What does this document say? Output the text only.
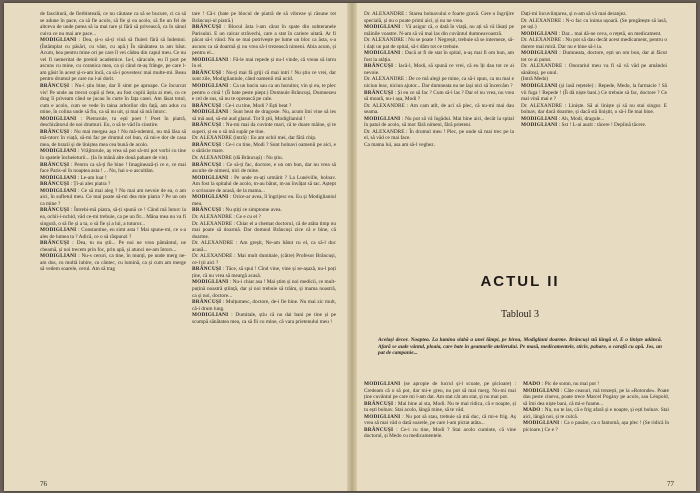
de fasciitură, de fierbinteală, ce nu căutase ca să se bucure, ci ca să se adune în pace, ca să fie acolo, să fie și ea acolo, să fie un fel de altceva de unde putea să ia mai tare și fără să privească, ca în sânul cuiva ce nu mai are pace...

MODIGLIANI : Dea, și-o să-ți vină să fluieri fără să îndemni. (Întâmplat cu păsări, cu vânt, cu apă.) În sănătatea ta am băut. Acum, bea pentru mine ori pe care îl vei cădea din capul meu. Ce nu vei fi nemeritat de premii academice. Ia-l, săracule, eu îl port pe ascuns cu mine, cu coranica mea, ca și când m-aș frânge, pe care l-am găsit în acest și-n-am încă, ca să-i povestesc mai multe-mi. Beau pentru drumul pe care nu l-ai dorit.

BRÂNCUȘI : Nu-i știu bine, dar îl simt pe aproape. Ce încurcat vis! Pe unde au trecut copii și fete, au fost copiii ăștia ai mei, cu ce drag îi priveam când se jucau în curte în fața casei. Am lăsat totul, cum e acolo, cum se vede în taina arborilor din față, am adus cu mine, în colina unde să fiu, ca să nu uit, și mai să mă întorc.

MODIGLIANI : Pietrarule, tu ești poet ! Poet în piatră, deschizătorul de noi drumuri. Eu, o să te văd în cinstire.

BRÂNCUȘI : Nu mai mergea așa ! Nu mă-ndemni, nu mă lăsa să mă-ntorc în viață, să-mi fac pe drumul cel bun, că mi-e dor de casa mea, de brazii și de liniștea mea cea bună de acolo.

MODIGLIANI : Vrăjitorule, aș vrea să pot să-mi pot vorbi cu tine în spatele încheieturii... (Ia în mână alte două pahare de vin).

BRÂNCUȘI : Pentru ca să-ți fie bine ! Imaginează-ți ce e, ce mai face Paris-ul în noaptea asta ! ... Nu, hai s-o ascultăm.

MODIGLIANI : Le-am luat !

BRÂNCUȘI : Ți-ai ales piatra ?

MODIGLIANI : Ce să mai aleg ? Nu mai am nevoie de ea, o am aici, în sufletul meu. Ce mai poate să-mi dea mie piatra ? Pe un om ca mine ?

BRÂNCUȘI : Întrebi-mă piatra, să-ți spună ce ! Când mă întorc la ea, ochii-i-nchid, văd ce-mi trebuie, ca pe un fir... Mâna mea nu va fi singură, o să fie și a ta, o să fie și a lui, a tuturor...

MODIGLIANI : Constantine, eu simt asta ! Mai spune-mi, ce s-a ales de lumea ta ? Adică, ce o să răspunzi ?

BRÂNCUȘI : Dea, tu nu știi... Pe noi ne vrea pământul, ne cheamă, și noi trecem prin foc, prin apă, și atunci ne-am întors...

MODIGLIANI : Nu-s ceruri, ca tine, în munți, pe unde merg ne-am dus, cu multă iubire, cu cântec, cu lumină, ca și cum am merge să vedem soarele, cerul. Am să trag

tare ! Că-i (bate pe blocul de piatră de să vibreze și răsune tot Brâncuși-ul piatră.)

BRÂNCUȘI : Blocul ăsta l-am cărat în spate din subteranele Parisului. E un calcar străvechi, care a stat în cariere uitată. Ar fi păcat să-l vând. Nu se mai potrivește pe lume un bloc ca ăsta, s-a ascuns ca să doarmă și nu vrea să-l trezească nimeni. Abia acum, și pentru el...

MODIGLIANI : Fă-le mai repede și nu-l vinde, că vreau să intru în el.

BRÂNCUȘI : Nu-ți mai fă griji că mai intri ! Nu știu ce vrei, dar sunt zile, Modiglianiule, când oamenii mă ucid.

MODIGLIANI : Ca un baciu sau ca un huruitor, vin și eu, te plec pentru o cină ! (Îi bate peste piept.) Domnule Brâncuși, Dumnezeu e cel de sus, să nu te oprească pe cale.

BRÂNCUȘI : Ce-i cu tine, Modi ? Ești beat ?

MODIGLIANI : Sunt beat de dragoste. Nu, acum îmi vine să ies să mă aud, să-mi aud glasul. Tot îl știi, Modiglianiul !

BRÂNCUȘI : Nu-mi mai da cuvinte mari, că te doare mâine, și te superi, și eu o să mă supăr pe tine.

Dr. ALEXANDRE (intră) : Eu am ochii mei, dar fără chip.

BRÂNCUȘI : Ce-i cu tine, Modi ? Sunt bolnavi oamenii pe aici, e o sărăcie mare.

Dr. ALEXANDRE (dă Brâncuși) : Nu știu.

BRÂNCUȘI : Ce să-ți fac, doctore, e un om bun, dar nu vrea să asculte de nimeni, nici de mine.

MODIGLIANI : Pe unde m-ați urmărit ? La Lunéville, bolnav. Am fost la spitalul de acolo, m-au bătut, m-au învățat să tac. Aștept o scrisoare de acasă, de la mama...

MODIGLIANI : Orice-ar avea, îl îngrijesc eu. Eu și Modiglianiul meu.

BRÂNCUȘI : Nu știți ce simptome avea.

Dr. ALEXANDRE : Ce e cu el ?

Dr. ALEXANDRE : Chiar el a chemat doctorul, că de atâta timp nu mai poate să doarmă. Dar domnul Brâncuși zice că e bine, că doarme.

Dr. ALEXANDRE : Am greșit, Ne-am bătut cu el, ca să-l duc acasă...

Dr. ALEXANDRE : Mai mult dumitale, (către) Profesor Brâncuși, ce-l ții aici ?

BRÂNCUȘI : Tăce, să spui ! Cînd vine, vine și se-așază, nu-l poți ține, că nu vrea să meargă acasă.

MODIGLIANI : Nu-i chiar asa ! Mai știm și noi medicii, ce mult-puțină noastră știință, dar și noi trebuie să trăim, și mama noastră, ca și noi, doctore...

BRÂNCUȘI : Mulțumesc, doctore, de-i fie bine. Nu mai zic mult, că-i drum lung.

MODIGLIANI : Dumitale, știu că nu dai bani pe tine și pe scumpă sănătatea mea, ca să fii cu mine, că vara prietenului meu !

76

Dr. ALEXANDRE : Starea bolnavului e foarte gravă. Cere o îngrijire specială, și nu o poate primi aici, și nu ne vrea.

MODIGLIANI : Vă asigur că, o dată în viață, nu ați să vă lăsați pe mâinile voastre. N-am să vă mai las din cuvântul dumneavoastră.

Dr. ALEXANDRE : Nu se poate ! Negreșit, trebuie să se interneze, să-i dați un pat de spital, să-i dăm tot ce trebuie.

MODIGLIANI : Dacă ar fi de stat în spital, n-aș mai fi om bun, am fost la atâția.

BRÂNCUȘI : Iacă-l, Modi, să spună ce vrei, că eu îți dau tot ce ai nevoie.

Dr. ALEXANDRE : De ce mă alegi pe mine, ca să-i spun, ca nu mai e niciun leac, niciun ajutor... Dar dumneata nu ne lași nici să încercăm ?

BRÂNCUȘI : Și eu ce să fac ? Cum să-l las ? Dar el nu vrea, nu vrea să moară, nu-i așa, Modi ?

Dr. ALEXANDRE : Am cam atît, de aci să plec, că nu-mi mai dau seama.

MODIGLIANI : Nu pot să vă îngădui. Mai bine aici, decât la spital în patul de acolo, să mor fără nimeni, fără prieteni.

Dr. ALEXANDRE : În drumul meu ! Plec, pe unde să mai trec pe la el, să văd ce mai face.

Ca mama lui, asa am să-l veghez.

Dați-mi încuviințarea, și n-am să vă mai deranjez.

Dr. ALEXANDRE : N-o fac cu inima ușoară. (Se pregătește să iasă, pe uși.)

MODIGLIANI : Dar... mai dă-ne ceva, o rețetă, un medicament.

Dr. ALEXANDRE : Nu pot să dau decât acest medicament, pentru o durere mai mică. Dar nu e bine să-l ia.

MODIGLIANI : Dumneata, doctore, ești un om bun, dar ai făcut tot ce ai putut.

Dr. ALEXANDRE : Onorariul meu va fi să vă văd pe amândoi sănătoși, pe unul.

(Intră Medo)

MODIGLIANI (și lasă rețetele) : Repede, Medo, la farmacie ! Să vii fuga ! Repede ! (Îi dă niște bani.) Ce trebuie să fac, doctore ? Ce mai vină mai e ?

Dr. ALEXANDRE : Liniște. Să ai liniște și să nu stai singur. E bolnav, dar dacă doarme, și dacă stă liniștit, o să-i fie mai bine.

MODIGLIANI : Ah, Modi, dragule...

MODIGLIANI : Sst ! L-ai auzit : tăcere ! Deplină tăcere.

ACTUL II
Tabloul 3
Același decor. Noaptea. La lumina slabă a unei lămpi, pe birou, Modigliani doarme. Brâncuși stă lângă el. E o liniște adâncă. Afară se aude vântul, ploaia, care bate în geamurile atelierului. Pe masă, medicamentele, sticle, pahare, o carafă cu apă. Jos, un pat de campanie...

MODIGLIANI (se apropie de lucrul și-l scoate, pe picioare) : Credeam că o să pot, dar mi-e greu, nu pot să mai merg. Nu-mi mai ține cuvântul pe care mi l-am dat. Am stat cât am stat, și nu mai pot.

BRÂNCUȘI : Mai bine ai sta, Modi. Nu te mai ridica, că e noapte, și tu ești bolnav. Stai acolo, lângă mine, să te văd.

MODIGLIANI : Nu pot să stau, trebuie să mă duc, că mi-e frig. Aș vrea să mai văd o dată soarele, pe care l-am pictat atâta...

BRÂNCUȘI : Ce-i cu tine, Modi ? Stai acolo cuminte, că vine doctorul, și Medo cu medicamentele.

MADO : Pic de somn, nu mai pot !

MODIGLIANI : Câte ceasuri, mă trezești, pe la «Rotonde». Poate dau peste cineva, poate trece Marcel Pogány pe acolo, sau Léopold, să îmi dea niște bani, că mi-e foame...

MADO : Nu, nu te las, că e frig afară și e noapte, și ești bolnav. Stai aici, lângă noi, și te culcă.

MODIGLIANI : Ca o pasăre, ca o fantomă, așa plec ! (Se ridică în picioare.) Ce e ?

77
